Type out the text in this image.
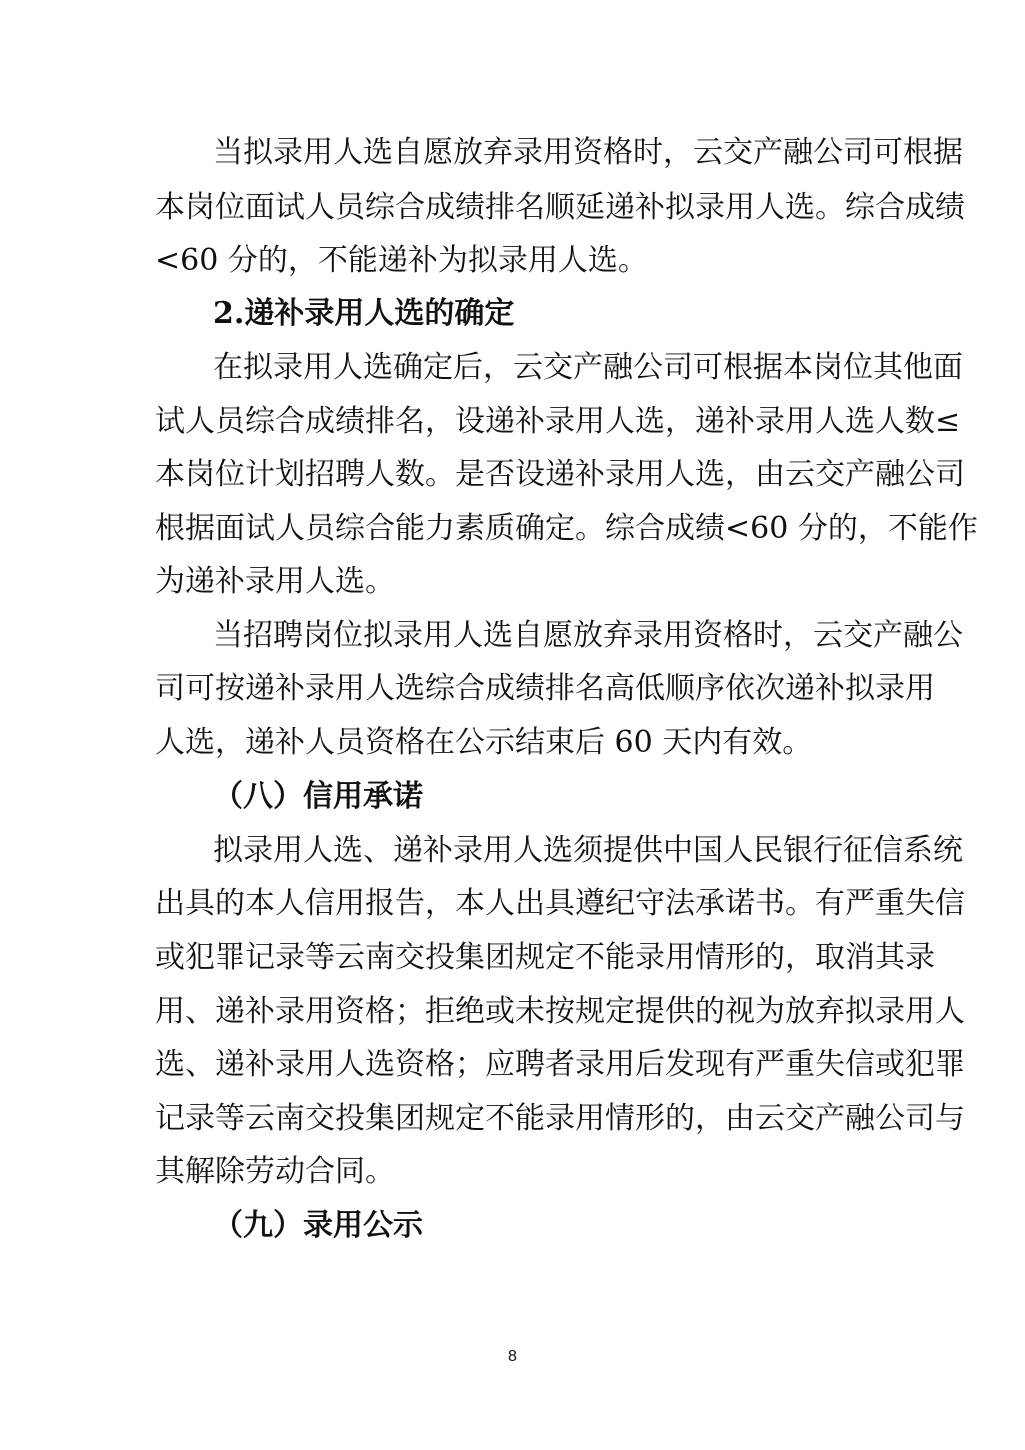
当拟录用人选自愿放弃录用资格时，云交产融公司可根据
本岗位面试人员综合成绩排名顺延递补拟录用人选。综合成绩
<60 分的，不能递补为拟录用人选。
2.递补录用人选的确定
在拟录用人选确定后，云交产融公司可根据本岗位其他面
试人员综合成绩排名，设递补录用人选，递补录用人选人数≤
本岗位计划招聘人数。是否设递补录用人选，由云交产融公司
根据面试人员综合能力素质确定。综合成绩<60 分的，不能作
为递补录用人选。
当招聘岗位拟录用人选自愿放弃录用资格时，云交产融公
司可按递补录用人选综合成绩排名高低顺序依次递补拟录用
人选，递补人员资格在公示结束后 60 天内有效。
（八）信用承诺
拟录用人选、递补录用人选须提供中国人民银行征信系统
出具的本人信用报告，本人出具遵纪守法承诺书。有严重失信
或犯罪记录等云南交投集团规定不能录用情形的，取消其录
用、递补录用资格；拒绝或未按规定提供的视为放弃拟录用人
选、递补录用人选资格；应聘者录用后发现有严重失信或犯罪
记录等云南交投集团规定不能录用情形的，由云交产融公司与
其解除劳动合同。
（九）录用公示
8
